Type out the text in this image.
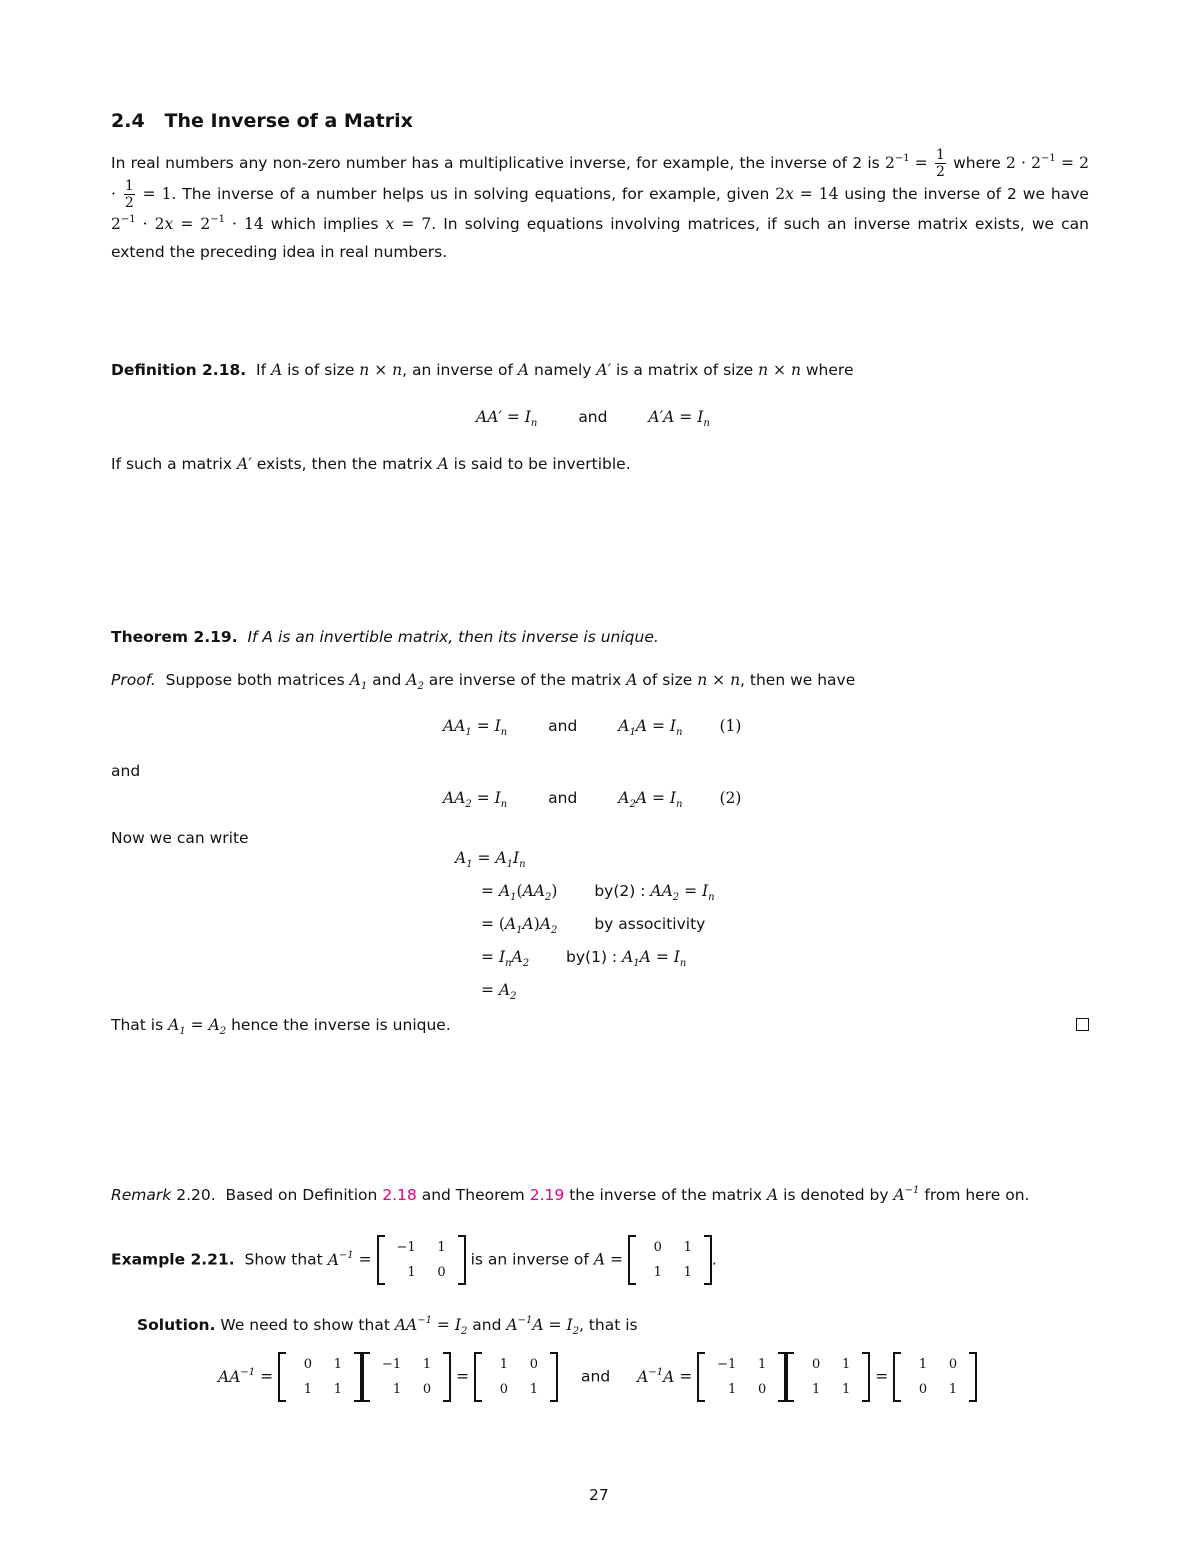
2.4 The Inverse of a Matrix
In real numbers any non-zero number has a multiplicative inverse, for example, the inverse of 2 is $2^{-1} = \frac{1}{2}$ where $2 \cdot 2^{-1} = 2 \cdot \frac{1}{2} = 1$. The inverse of a number helps us in solving equations, for example, given 2x = 14 using the inverse of 2 we have $2^{-1} \cdot 2x = 2^{-1} \cdot 14$ which implies x = 7. In solving equations involving matrices, if such an inverse matrix exists, we can extend the preceding idea in real numbers.
Definition 2.18. If A is of size n × n, an inverse of A namely A′ is a matrix of size n × n where
$AA' = I_n$	and	$A'A = I_n$
If such a matrix A′ exists, then the matrix A is said to be invertible.
Theorem 2.19. If A is an invertible matrix, then its inverse is unique.
Proof. Suppose both matrices $A_1$ and $A_2$ are inverse of the matrix A of size n × n, then we have
$AA_1 = I_n$	and	$A_1A = I_n$ (1)
and
$AA_2 = I_n$	and	$A_2A = I_n$ (2)
Now we can write
$A_1 = A_1I_n$
= $A_1(AA_2)$ by(2) : $AA_2 = I_n$
= $(A_1A)A_2$ by associtivity
= $I_nA_2$ by(1) : $A_1A = I_n$
= $A_2$
That is $A_1 = A_2$ hence the inverse is unique.
Remark 2.20. Based on Definition 2.18 and Theorem 2.19 the inverse of the matrix A is denoted by $A^{-1}$ from here on.
Example 2.21. Show that $A^{-1}$ =
−1	1
1	0
is an inverse of A =
0	1
1	1
.
Solution. We need to show that $AA^{-1} = I_2$ and $A^{-1}A = I_2$, that is
$AA^{-1}$ =
0	1
1	1
−1	1
1	0
=
1	0
0	1
and $A^{-1}A$ =
−1	1
1	0
0	1
1	1
=
1	0
0	1
27
